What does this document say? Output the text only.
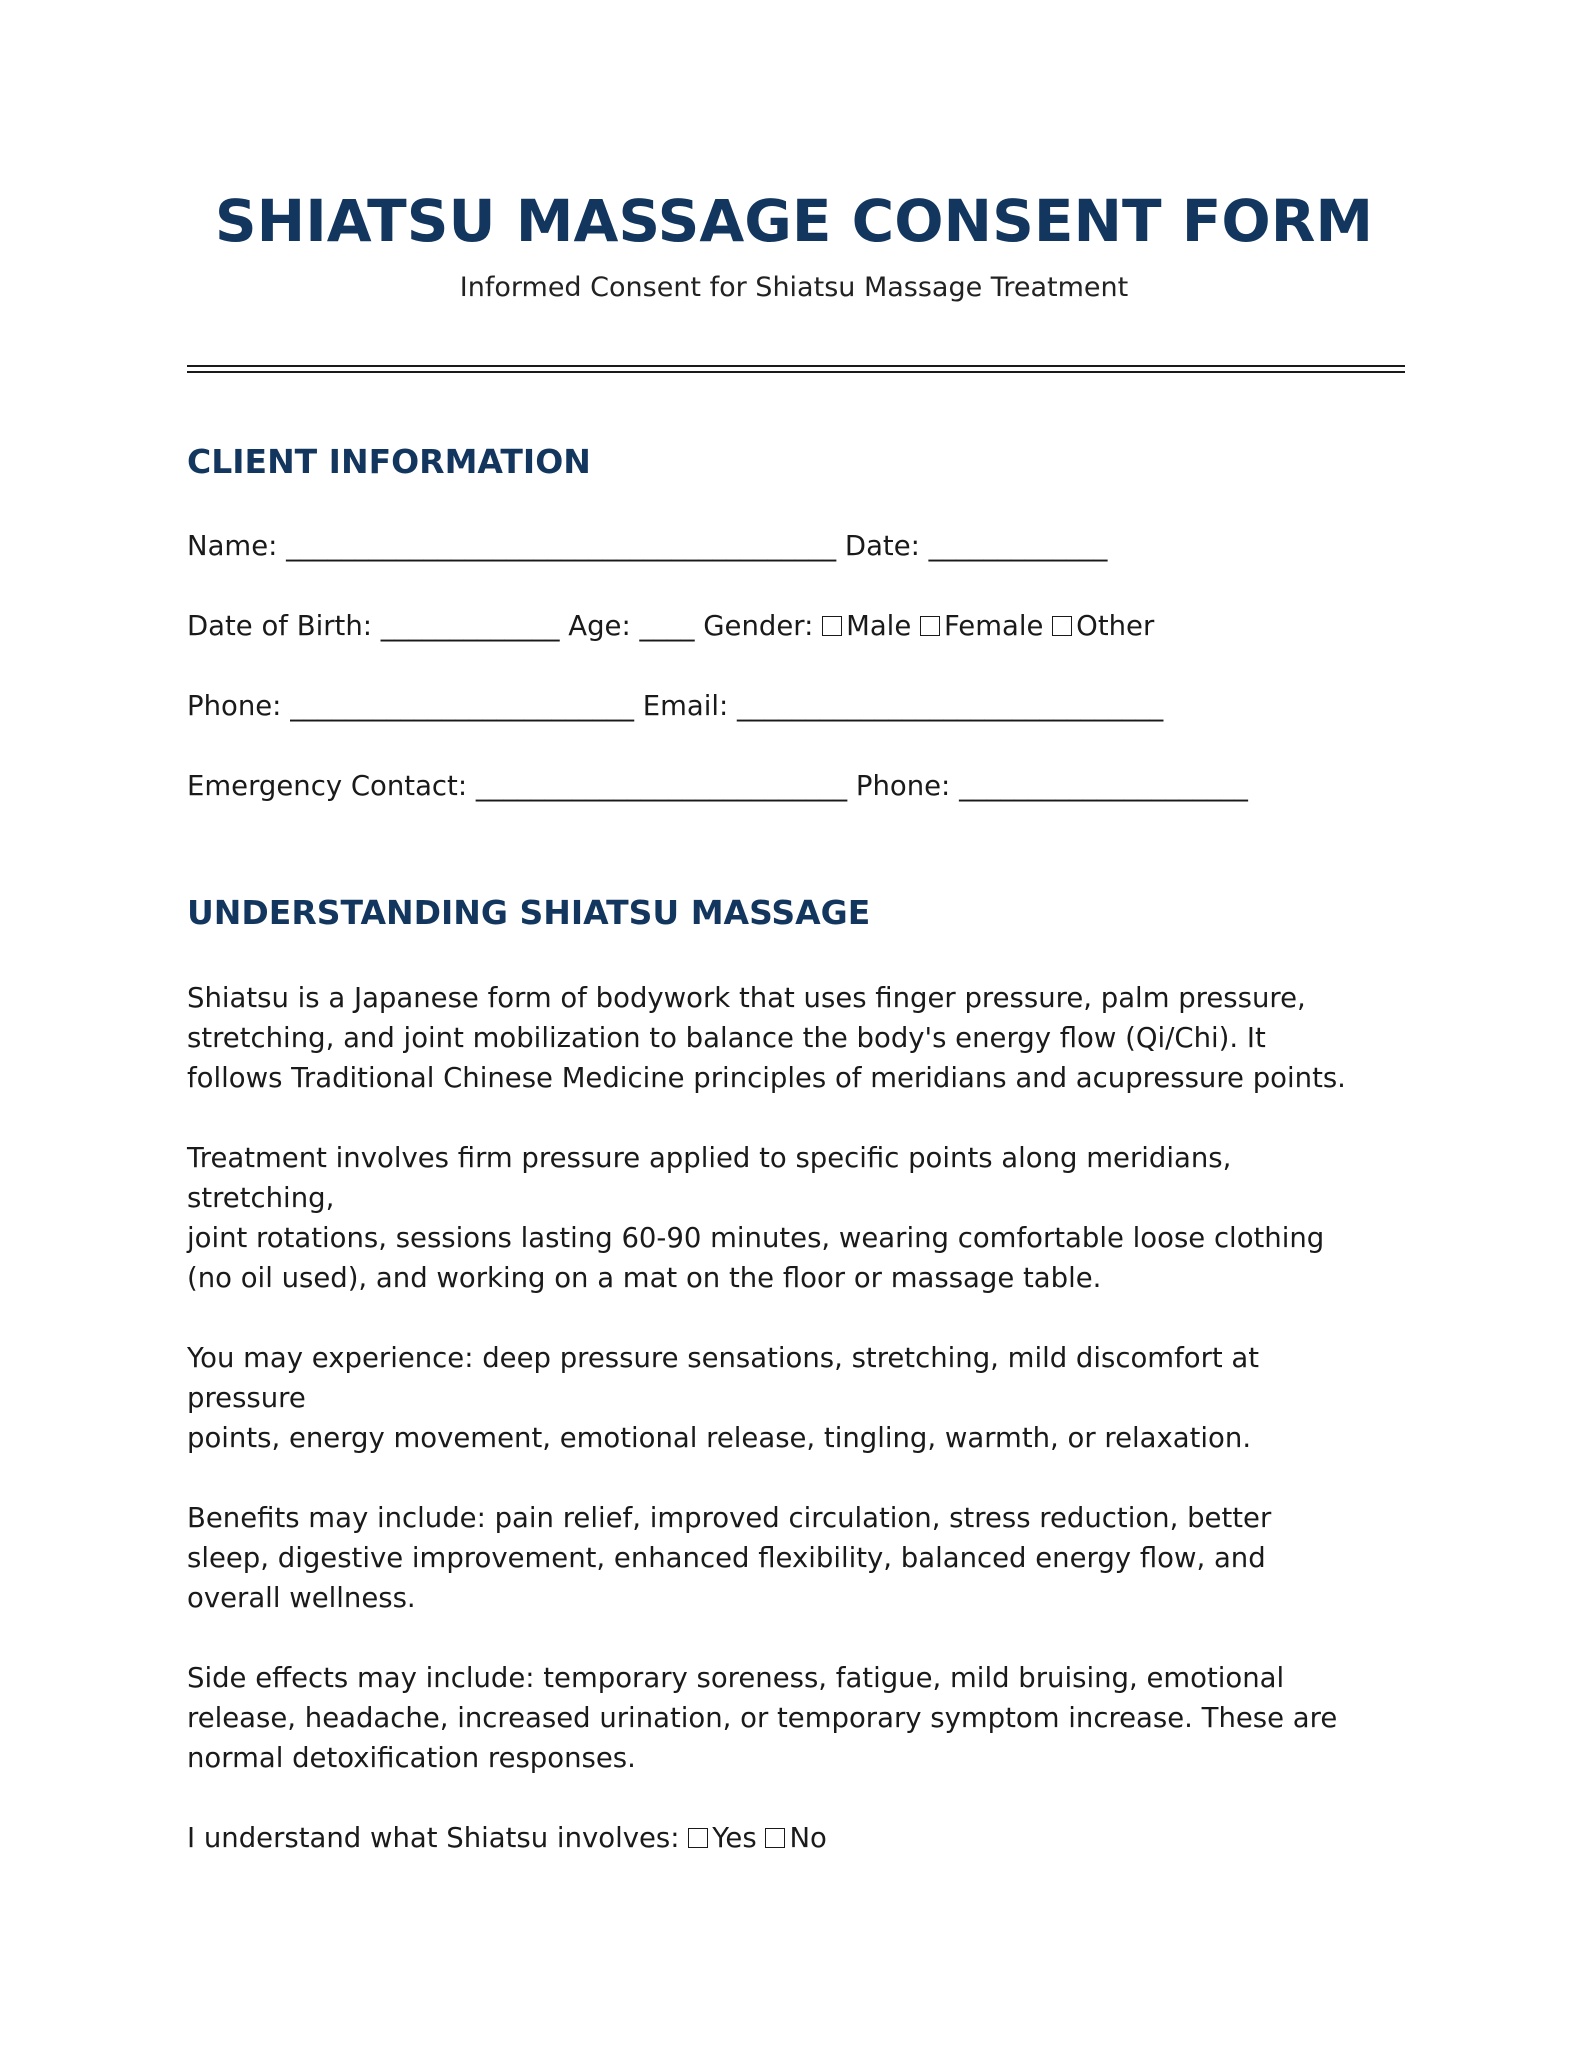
SHIATSU MASSAGE CONSENT FORM
Informed Consent for Shiatsu Massage Treatment
CLIENT INFORMATION
Name: ________________________________________ Date: _____________
Date of Birth: _____________ Age: ____ Gender: Male Female Other
Phone: _________________________ Email: _______________________________
Emergency Contact: ___________________________ Phone: _____________________
UNDERSTANDING SHIATSU MASSAGE
Shiatsu is a Japanese form of bodywork that uses finger pressure, palm pressure,
stretching, and joint mobilization to balance the body's energy flow (Qi/Chi). It
follows Traditional Chinese Medicine principles of meridians and acupressure points.
Treatment involves firm pressure applied to specific points along meridians,
stretching,
joint rotations, sessions lasting 60-90 minutes, wearing comfortable loose clothing
(no oil used), and working on a mat on the floor or massage table.
You may experience: deep pressure sensations, stretching, mild discomfort at
pressure
points, energy movement, emotional release, tingling, warmth, or relaxation.
Benefits may include: pain relief, improved circulation, stress reduction, better
sleep, digestive improvement, enhanced flexibility, balanced energy flow, and
overall wellness.
Side effects may include: temporary soreness, fatigue, mild bruising, emotional
release, headache, increased urination, or temporary symptom increase. These are
normal detoxification responses.
I understand what Shiatsu involves: Yes No
